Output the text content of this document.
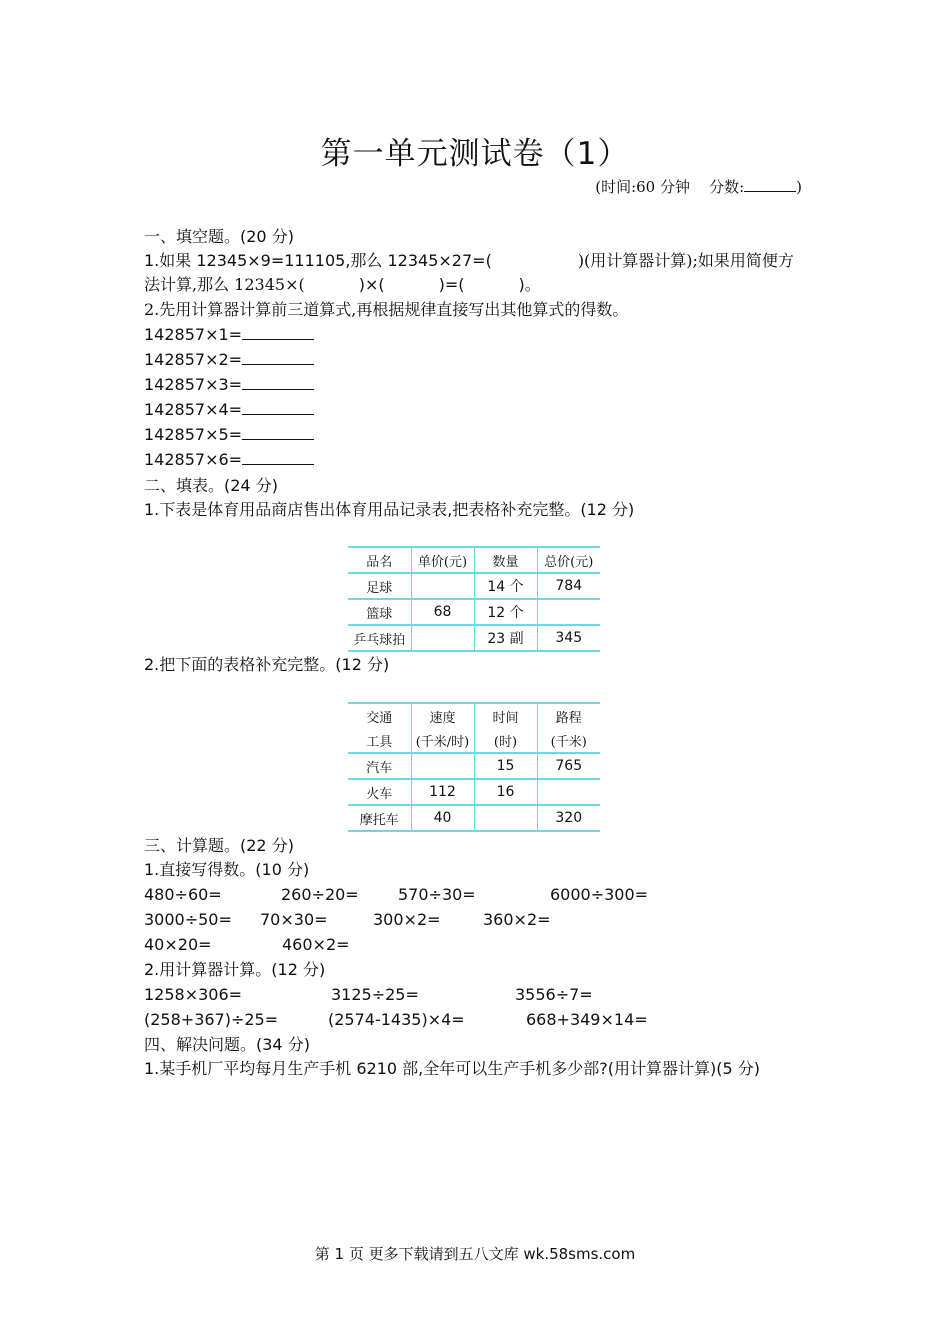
第一单元测试卷（1）
(时间:60 分钟 分数:	)
一、填空题。(20 分)
1.如果 12345×9=111105,那么 12345×27=(	)(用计算器计算);如果用简便方
法计算,那么 12345×(	)×(	)=(	)。
2.先用计算器计算前三道算式,再根据规律直接写出其他算式的得数。
142857×1=
142857×2=
142857×3=
142857×4=
142857×5=
142857×6=
二、填表。(24 分)
1.下表是体育用品商店售出体育用品记录表,把表格补充完整。(12 分)
品名	单价(元)	数量	总价(元)
足球		14 个	784
篮球	68	12 个	
乒乓球拍		23 副	345
2.把下面的表格补充完整。(12 分)
交通	速度	时间	路程
工具	(千米/时)	(时)	(千米)
汽车		15	765
火车	112	16	
摩托车	40		320
三、计算题。(22 分)
1.直接写得数。(10 分)
480÷60=	260÷20= 570÷30=	6000÷300=
3000÷50= 70×30=	300×2=	360×2=
40×20=	460×2=
2.用计算器计算。(12 分)
1258×306=	3125÷25=	3556÷7=
(258+367)÷25=	(2574-1435)×4=	668+349×14=
四、解决问题。(34 分)
1.某手机厂平均每月生产手机 6210 部,全年可以生产手机多少部?(用计算器计算)(5 分)
第 1 页 更多下载请到五八文库 wk.58sms.com
